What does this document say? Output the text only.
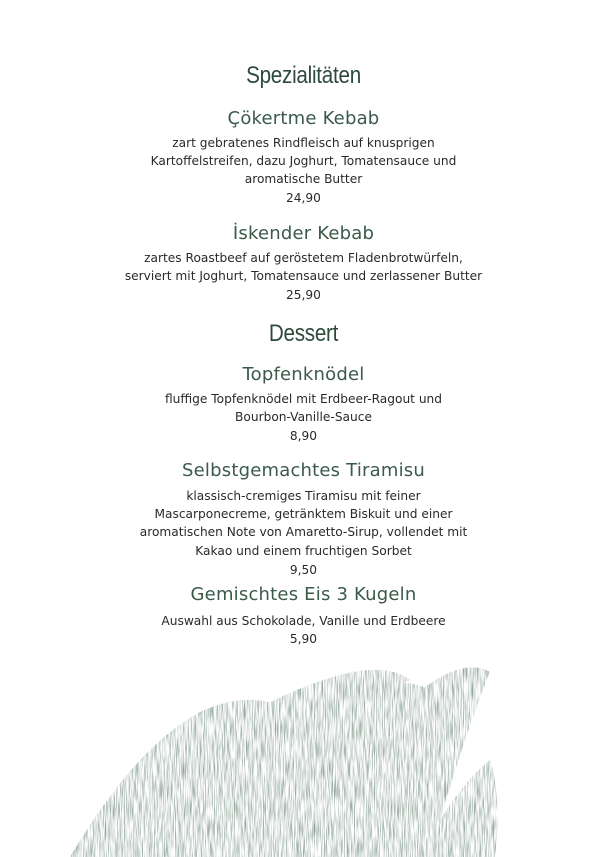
Spezialitäten
Çökertme Kebab
zart gebratenes Rindfleisch auf knusprigen
Kartoffelstreifen, dazu Joghurt, Tomatensauce und
aromatische Butter
24,90
İskender Kebab
zartes Roastbeef auf geröstetem Fladenbrotwürfeln,
serviert mit Joghurt, Tomatensauce und zerlassener Butter
25,90
Dessert
Topfenknödel
fluffige Topfenknödel mit Erdbeer-Ragout und
Bourbon-Vanille-Sauce
8,90
Selbstgemachtes Tiramisu
klassisch-cremiges Tiramisu mit feiner
Mascarponecreme, getränktem Biskuit und einer
aromatischen Note von Amaretto-Sirup, vollendet mit
Kakao und einem fruchtigen Sorbet
9,50
Gemischtes Eis 3 Kugeln
Auswahl aus Schokolade, Vanille und Erdbeere
5,90
